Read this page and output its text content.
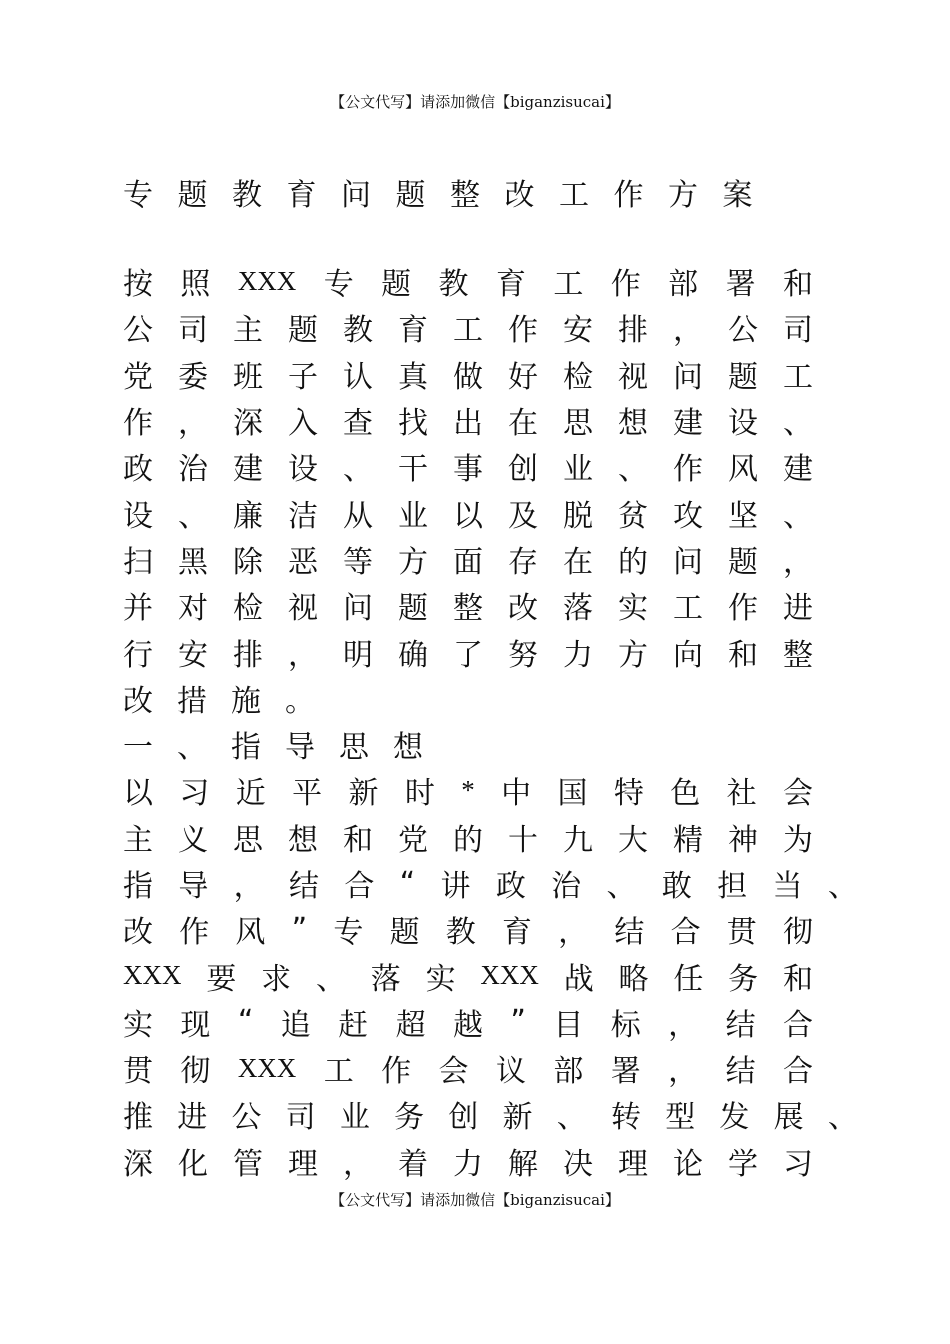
【公文代写】请添加微信【biganzisucai】
专题教育问题整改工作方案
按 照 XXX 专 题 教 育 工 作 部 署 和
公 司 主 题 教 育 工 作 安 排 ， 公 司
党 委 班 子 认 真 做 好 检 视 问 题 工
作 ， 深 入 查 找 出 在 思 想 建 设 、
政 治 建 设 、 干 事 创 业 、 作 风 建
设 、 廉 洁 从 业 以 及 脱 贫 攻 坚 、
扫 黑 除 恶 等 方 面 存 在 的 问 题 ，
并 对 检 视 问 题 整 改 落 实 工 作 进
行 安 排 ， 明 确 了 努 力 方 向 和 整
改 措 施 。
一 、 指 导 思 想
以 习 近 平 新 时 * 中 国 特 色 社 会
主 义 思 想 和 党 的 十 九 大 精 神 为
指 导 ， 结 合 “ 讲 政 治 、 敢 担 当 、
改 作 风 ” 专 题 教 育 ， 结 合 贯 彻
XXX 要 求 、 落 实 XXX 战 略 任 务 和
实 现 “ 追 赶 超 越 ” 目 标 ， 结 合
贯 彻 XXX 工 作 会 议 部 署 ， 结 合
推 进 公 司 业 务 创 新 、 转 型 发 展 、
深 化 管 理 ， 着 力 解 决 理 论 学 习
【公文代写】请添加微信【biganzisucai】
